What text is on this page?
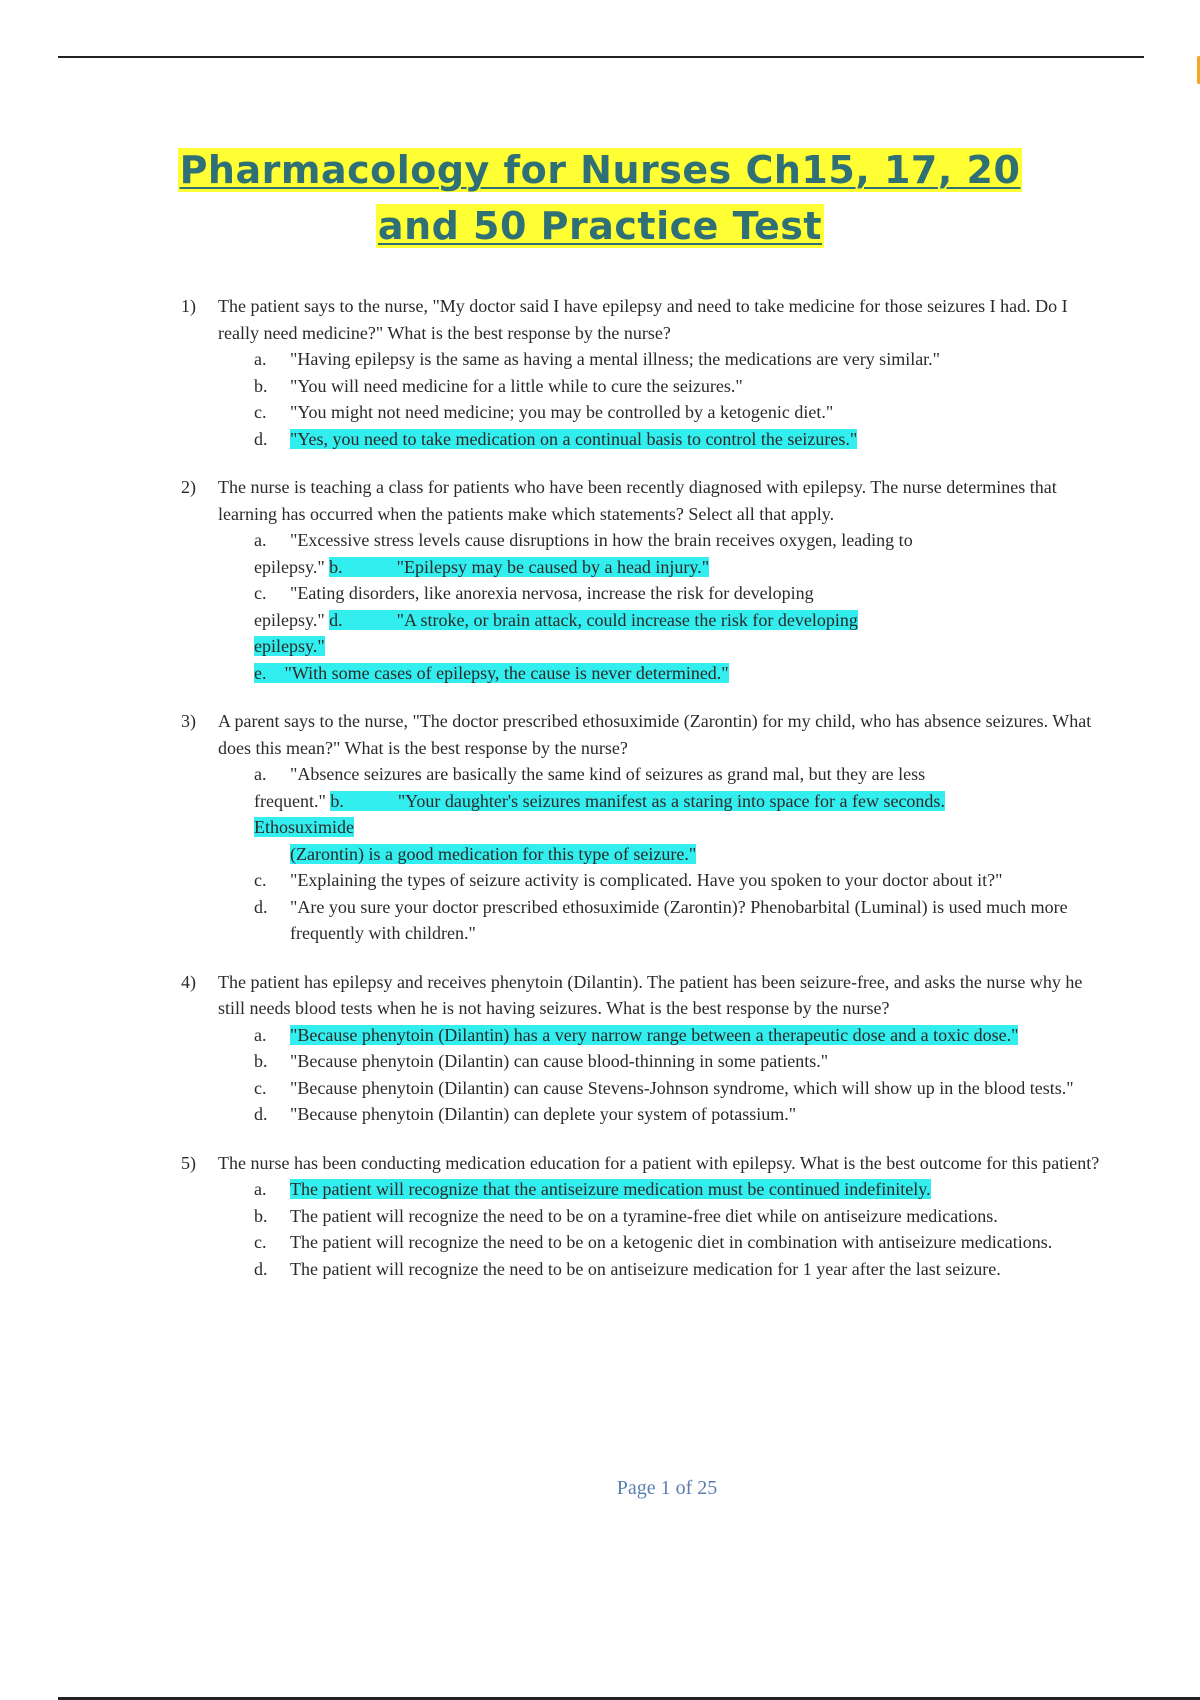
Pharmacology for Nurses Ch15, 17, 20
and 50 Practice Test
1) The patient says to the nurse, "My doctor said I have epilepsy and need to take medicine for those seizures I had. Do I really need medicine?" What is the best response by the nurse?
a. "Having epilepsy is the same as having a mental illness; the medications are very similar."
b. "You will need medicine for a little while to cure the seizures."
c. "You might not need medicine; you may be controlled by a ketogenic diet."
d. "Yes, you need to take medication on a continual basis to control the seizures."
2) The nurse is teaching a class for patients who have been recently diagnosed with epilepsy. The nurse determines that learning has occurred when the patients make which statements? Select all that apply.
a. "Excessive stress levels cause disruptions in how the brain receives oxygen, leading to
epilepsy." b.	"Epilepsy may be caused by a head injury."
c. "Eating disorders, like anorexia nervosa, increase the risk for developing
epilepsy." d.	"A stroke, or brain attack, could increase the risk for developing
epilepsy."
e. "With some cases of epilepsy, the cause is never determined."
3) A parent says to the nurse, "The doctor prescribed ethosuximide (Zarontin) for my child, who has absence seizures. What does this mean?" What is the best response by the nurse?
a. "Absence seizures are basically the same kind of seizures as grand mal, but they are less
frequent." b.	"Your daughter's seizures manifest as a staring into space for a few seconds.
Ethosuximide
(Zarontin) is a good medication for this type of seizure."
c. "Explaining the types of seizure activity is complicated. Have you spoken to your doctor about it?"
d. "Are you sure your doctor prescribed ethosuximide (Zarontin)? Phenobarbital (Luminal) is used much more frequently with children."
4) The patient has epilepsy and receives phenytoin (Dilantin). The patient has been seizure-free, and asks the nurse why he still needs blood tests when he is not having seizures. What is the best response by the nurse?
a. "Because phenytoin (Dilantin) has a very narrow range between a therapeutic dose and a toxic dose."
b. "Because phenytoin (Dilantin) can cause blood-thinning in some patients."
c. "Because phenytoin (Dilantin) can cause Stevens-Johnson syndrome, which will show up in the blood tests."
d. "Because phenytoin (Dilantin) can deplete your system of potassium."
5) The nurse has been conducting medication education for a patient with epilepsy. What is the best outcome for this patient?
a. The patient will recognize that the antiseizure medication must be continued indefinitely.
b. The patient will recognize the need to be on a tyramine-free diet while on antiseizure medications.
c. The patient will recognize the need to be on a ketogenic diet in combination with antiseizure medications.
d. The patient will recognize the need to be on antiseizure medication for 1 year after the last seizure.
Page 1 of 25
